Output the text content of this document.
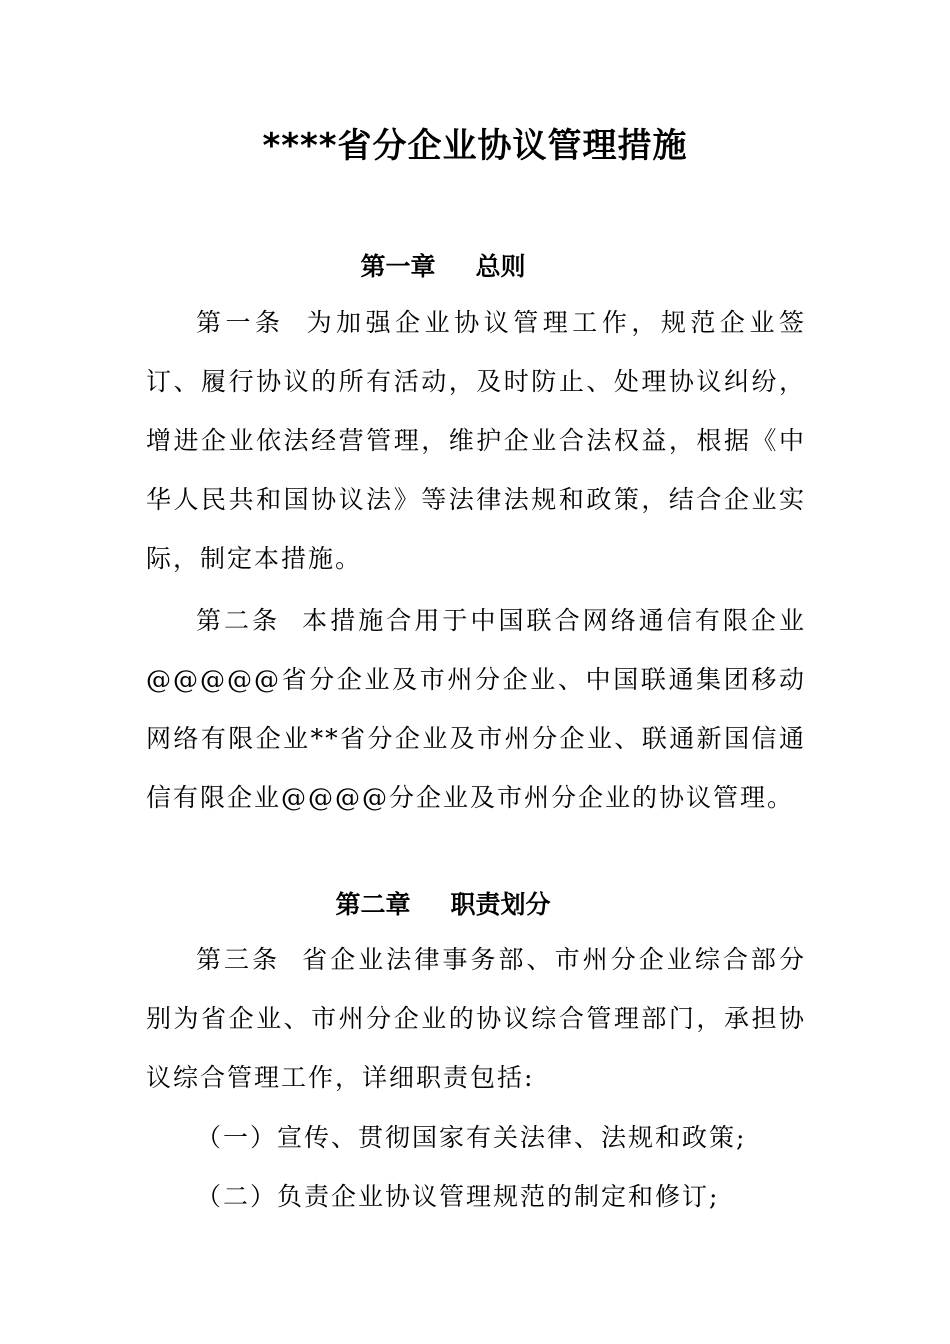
****省分企业协议管理措施
第一章 总则

第一条 为加强企业协议管理工作，规范企业签订、履行协议的所有活动，及时防止、处理协议纠纷，增进企业依法经营管理，维护企业合法权益，根据《中华人民共和国协议法》等法律法规和政策，结合企业实际，制定本措施。

第二条 本措施合用于中国联合网络通信有限企业@@@@@省分企业及市州分企业、中国联通集团移动网络有限企业**省分企业及市州分企业、联通新国信通信有限企业@@@@分企业及市州分企业的协议管理。

第二章 职责划分

第三条 省企业法律事务部、市州分企业综合部分别为省企业、市州分企业的协议综合管理部门，承担协议综合管理工作，详细职责包括:

（一）宣传、贯彻国家有关法律、法规和政策;

（二）负责企业协议管理规范的制定和修订;
